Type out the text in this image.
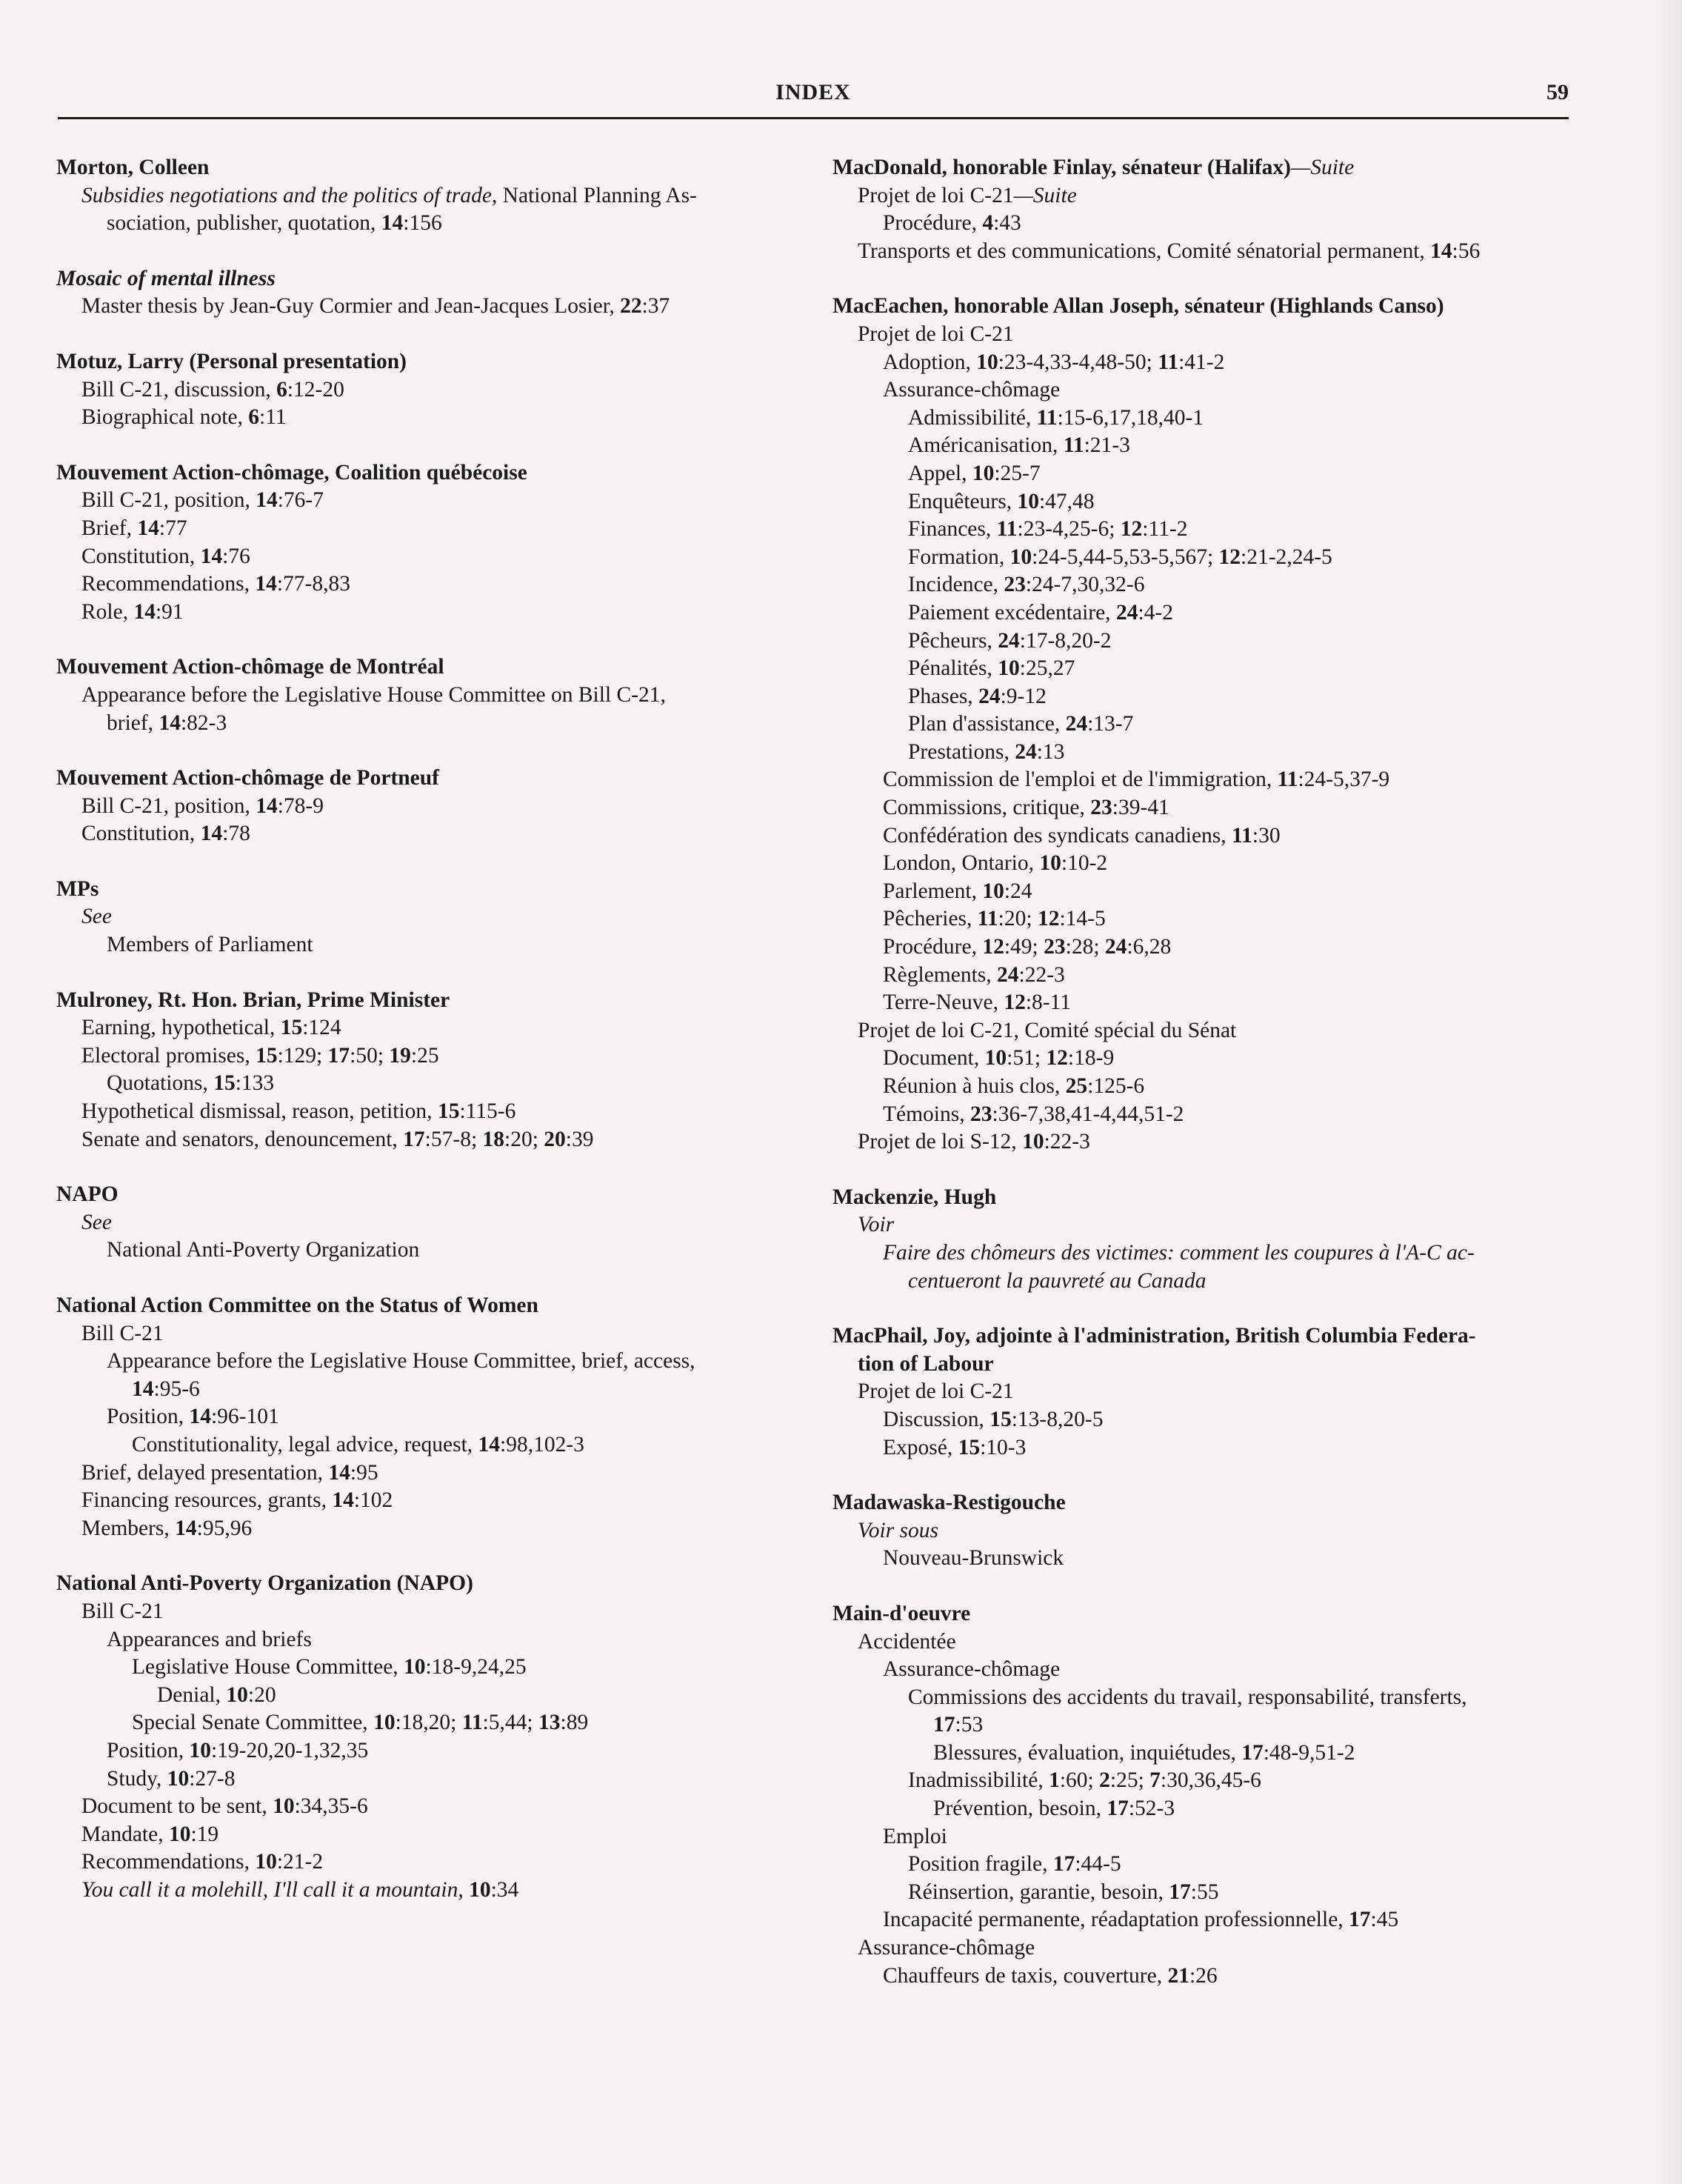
INDEX	59
Morton, Colleen
Subsidies negotiations and the politics of trade, National Planning As-
sociation, publisher, quotation, 14:156
Mosaic of mental illness
Master thesis by Jean-Guy Cormier and Jean-Jacques Losier, 22:37
Motuz, Larry (Personal presentation)
Bill C-21, discussion, 6:12-20
Biographical note, 6:11
Mouvement Action-chômage, Coalition québécoise
Bill C-21, position, 14:76-7
Brief, 14:77
Constitution, 14:76
Recommendations, 14:77-8,83
Role, 14:91
Mouvement Action-chômage de Montréal
Appearance before the Legislative House Committee on Bill C-21,
brief, 14:82-3
Mouvement Action-chômage de Portneuf
Bill C-21, position, 14:78-9
Constitution, 14:78
MPs
See
Members of Parliament
Mulroney, Rt. Hon. Brian, Prime Minister
Earning, hypothetical, 15:124
Electoral promises, 15:129; 17:50; 19:25
Quotations, 15:133
Hypothetical dismissal, reason, petition, 15:115-6
Senate and senators, denouncement, 17:57-8; 18:20; 20:39
NAPO
See
National Anti-Poverty Organization
National Action Committee on the Status of Women
Bill C-21
Appearance before the Legislative House Committee, brief, access,
14:95-6
Position, 14:96-101
Constitutionality, legal advice, request, 14:98,102-3
Brief, delayed presentation, 14:95
Financing resources, grants, 14:102
Members, 14:95,96
National Anti-Poverty Organization (NAPO)
Bill C-21
Appearances and briefs
Legislative House Committee, 10:18-9,24,25
Denial, 10:20
Special Senate Committee, 10:18,20; 11:5,44; 13:89
Position, 10:19-20,20-1,32,35
Study, 10:27-8
Document to be sent, 10:34,35-6
Mandate, 10:19
Recommendations, 10:21-2
You call it a molehill, I'll call it a mountain, 10:34
MacDonald, honorable Finlay, sénateur (Halifax)—Suite
Projet de loi C-21—Suite
Procédure, 4:43
Transports et des communications, Comité sénatorial permanent, 14:56
MacEachen, honorable Allan Joseph, sénateur (Highlands Canso)
Projet de loi C-21
Adoption, 10:23-4,33-4,48-50; 11:41-2
Assurance-chômage
Admissibilité, 11:15-6,17,18,40-1
Américanisation, 11:21-3
Appel, 10:25-7
Enquêteurs, 10:47,48
Finances, 11:23-4,25-6; 12:11-2
Formation, 10:24-5,44-5,53-5,567; 12:21-2,24-5
Incidence, 23:24-7,30,32-6
Paiement excédentaire, 24:4-2
Pêcheurs, 24:17-8,20-2
Pénalités, 10:25,27
Phases, 24:9-12
Plan d'assistance, 24:13-7
Prestations, 24:13
Commission de l'emploi et de l'immigration, 11:24-5,37-9
Commissions, critique, 23:39-41
Confédération des syndicats canadiens, 11:30
London, Ontario, 10:10-2
Parlement, 10:24
Pêcheries, 11:20; 12:14-5
Procédure, 12:49; 23:28; 24:6,28
Règlements, 24:22-3
Terre-Neuve, 12:8-11
Projet de loi C-21, Comité spécial du Sénat
Document, 10:51; 12:18-9
Réunion à huis clos, 25:125-6
Témoins, 23:36-7,38,41-4,44,51-2
Projet de loi S-12, 10:22-3
Mackenzie, Hugh
Voir
Faire des chômeurs des victimes: comment les coupures à l'A-C ac-
centueront la pauvreté au Canada
MacPhail, Joy, adjointe à l'administration, British Columbia Federa-
tion of Labour
Projet de loi C-21
Discussion, 15:13-8,20-5
Exposé, 15:10-3
Madawaska-Restigouche
Voir sous
Nouveau-Brunswick
Main-d'oeuvre
Accidentée
Assurance-chômage
Commissions des accidents du travail, responsabilité, transferts,
17:53
Blessures, évaluation, inquiétudes, 17:48-9,51-2
Inadmissibilité, 1:60; 2:25; 7:30,36,45-6
Prévention, besoin, 17:52-3
Emploi
Position fragile, 17:44-5
Réinsertion, garantie, besoin, 17:55
Incapacité permanente, réadaptation professionnelle, 17:45
Assurance-chômage
Chauffeurs de taxis, couverture, 21:26
